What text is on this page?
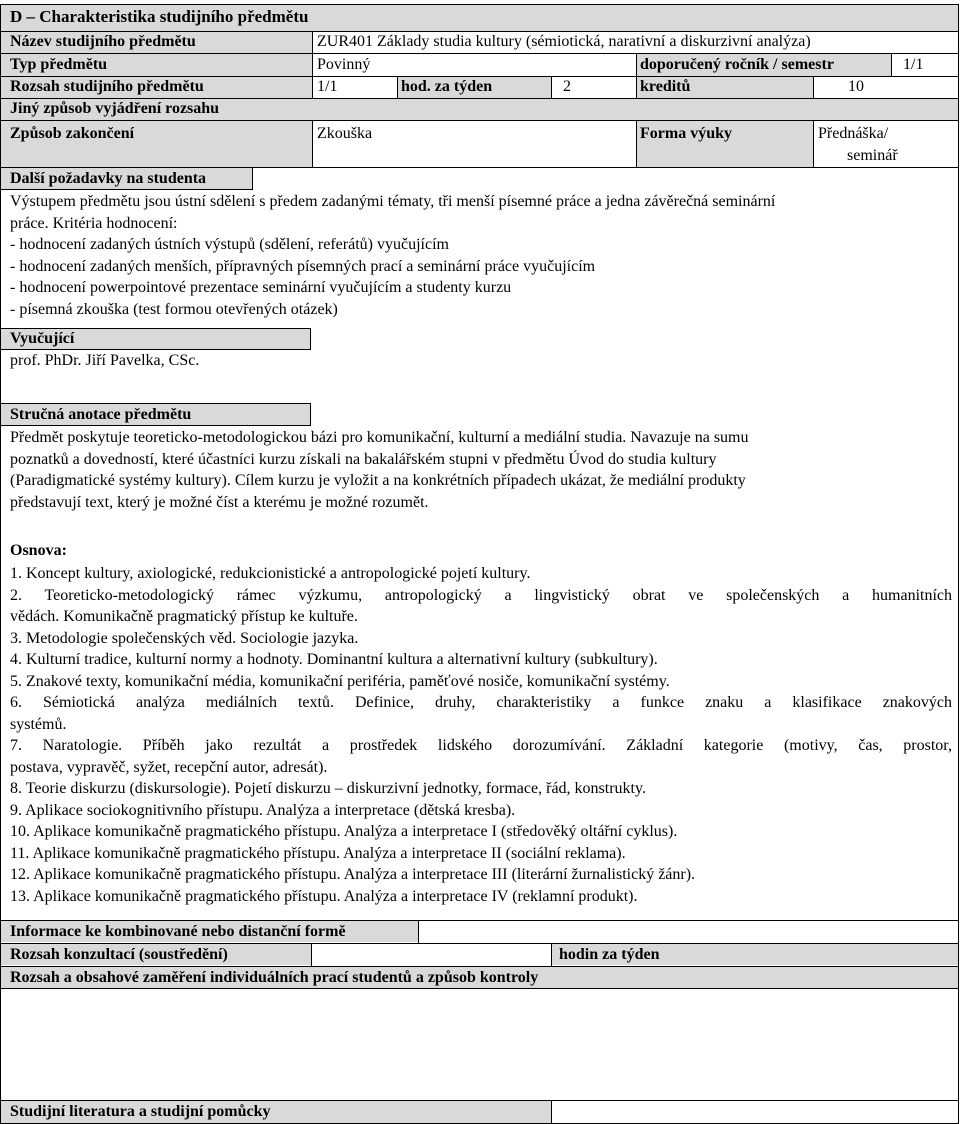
D – Charakteristika studijního předmětu
Název studijního předmětu	ZUR401 Základy studia kultury (sémiotická, narativní a diskurzivní analýza)
Typ předmětu	Povinný	doporučený ročník / semestr	1/1
Rozsah studijního předmětu	1/1	hod. za týden	2	kreditů	10
Jiný způsob vyjádření rozsahu
Způsob zakončení	Zkouška	Forma výuky	Přednáška/
seminář
Další požadavky na studenta
Výstupem předmětu jsou ústní sdělení s předem zadanými tématy, tři menší písemné práce a jedna závěrečná seminární
práce. Kritéria hodnocení:
- hodnocení zadaných ústních výstupů (sdělení, referátů) vyučujícím
- hodnocení zadaných menších, přípravných písemných prací a seminární práce vyučujícím
- hodnocení powerpointové prezentace seminární vyučujícím a studenty kurzu
- písemná zkouška (test formou otevřených otázek)
Vyučující
prof. PhDr. Jiří Pavelka, CSc.
Stručná anotace předmětu
Předmět poskytuje teoreticko-metodologickou bázi pro komunikační, kulturní a mediální studia. Navazuje na sumu
poznatků a dovedností, které účastníci kurzu získali na bakalářském stupni v předmětu Úvod do studia kultury
(Paradigmatické systémy kultury). Cílem kurzu je vyložit a na konkrétních případech ukázat, že mediální produkty
představují text, který je možné číst a kterému je možné rozumět.
Osnova:
1. Koncept kultury, axiologické, redukcionistické a antropologické pojetí kultury.
2. Teoreticko-metodologický rámec výzkumu, antropologický a lingvistický obrat ve společenských a humanitních
vědách. Komunikačně pragmatický přístup ke kultuře.
3. Metodologie společenských věd. Sociologie jazyka.
4. Kulturní tradice, kulturní normy a hodnoty. Dominantní kultura a alternativní kultury (subkultury).
5. Znakové texty, komunikační média, komunikační periféria, paměťové nosiče, komunikační systémy.
6. Sémiotická analýza mediálních textů. Definice, druhy, charakteristiky a funkce znaku a klasifikace znakových
systémů.
7. Naratologie. Příběh jako rezultát a prostředek lidského dorozumívání. Základní kategorie (motivy, čas, prostor,
postava, vypravěč, syžet, recepční autor, adresát).
8. Teorie diskurzu (diskursologie). Pojetí diskurzu – diskurzivní jednotky, formace, řád, konstrukty.
9. Aplikace sociokognitivního přístupu. Analýza a interpretace (dětská kresba).
10. Aplikace komunikačně pragmatického přístupu. Analýza a interpretace I (středověký oltářní cyklus).
11. Aplikace komunikačně pragmatického přístupu. Analýza a interpretace II (sociální reklama).
12. Aplikace komunikačně pragmatického přístupu. Analýza a interpretace III (literární žurnalistický žánr).
13. Aplikace komunikačně pragmatického přístupu. Analýza a interpretace IV (reklamní produkt).
Informace ke kombinované nebo distanční formě
Rozsah konzultací (soustředění)	hodin za týden
Rozsah a obsahové zaměření individuálních prací studentů a způsob kontroly
Studijní literatura a studijní pomůcky
